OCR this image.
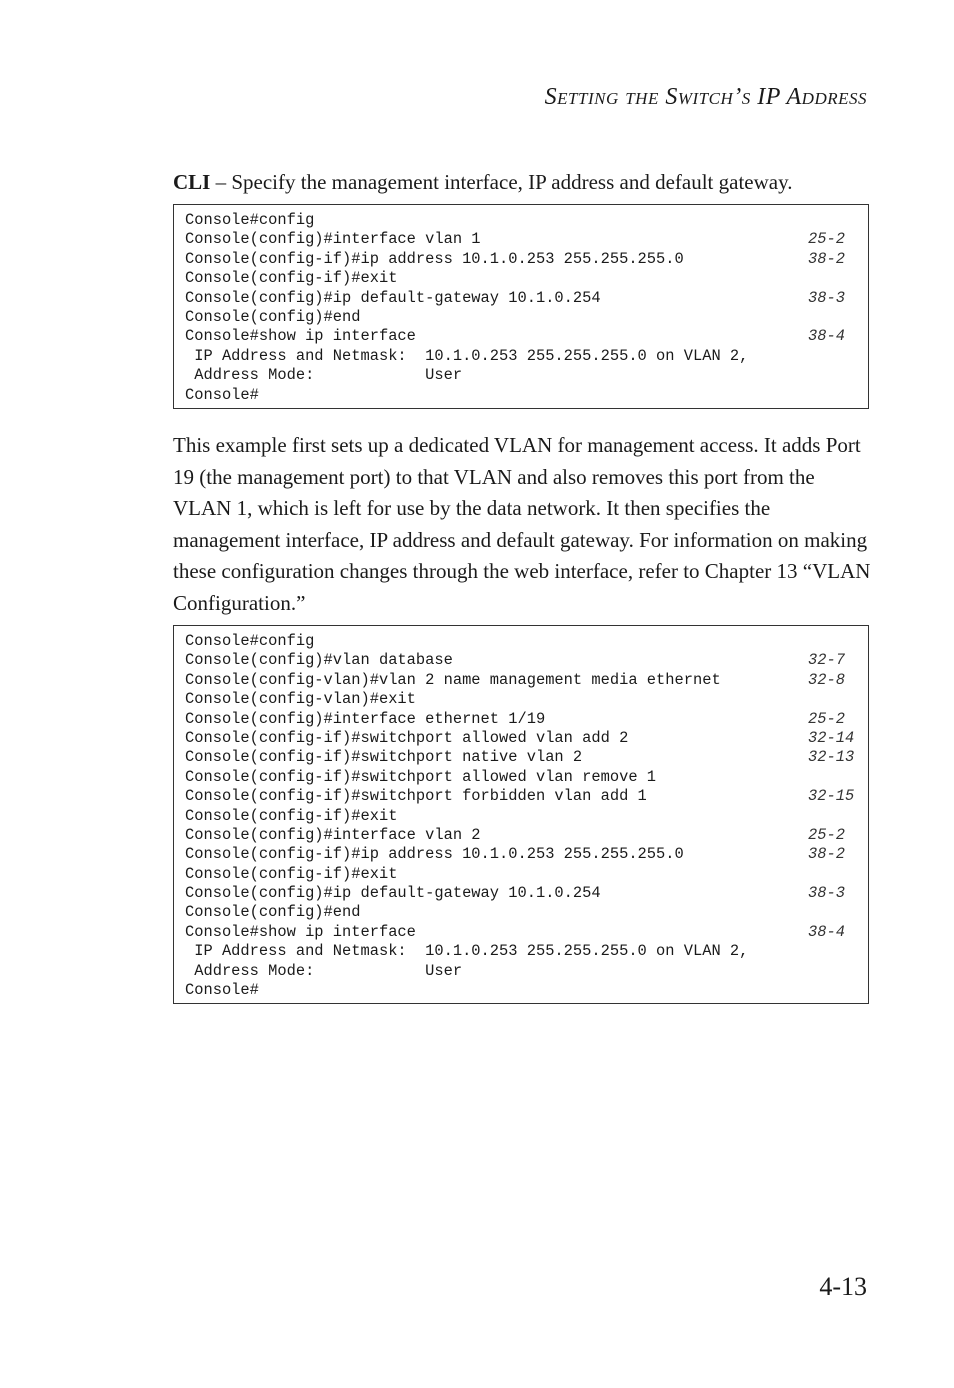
Setting the Switch’s IP Address
CLI – Specify the management interface, IP address and default gateway.
Console#config
Console(config)#interface vlan 1	25-2
Console(config-if)#ip address 10.1.0.253 255.255.255.0	38-2
Console(config-if)#exit
Console(config)#ip default-gateway 10.1.0.254	38-3
Console(config)#end
Console#show ip interface	38-4
IP Address and Netmask:  10.1.0.253 255.255.255.0 on VLAN 2,
Address Mode:            User
Console#
This example first sets up a dedicated VLAN for management access. It adds Port 19 (the management port) to that VLAN and also removes this port from the VLAN 1, which is left for use by the data network. It then specifies the management interface, IP address and default gateway. For information on making these configuration changes through the web interface, refer to Chapter 13 “VLAN Configuration.”
Console#config
Console(config)#vlan database	32-7
Console(config-vlan)#vlan 2 name management media ethernet	32-8
Console(config-vlan)#exit
Console(config)#interface ethernet 1/19	25-2
Console(config-if)#switchport allowed vlan add 2	32-14
Console(config-if)#switchport native vlan 2	32-13
Console(config-if)#switchport allowed vlan remove 1
Console(config-if)#switchport forbidden vlan add 1	32-15
Console(config-if)#exit
Console(config)#interface vlan 2	25-2
Console(config-if)#ip address 10.1.0.253 255.255.255.0	38-2
Console(config-if)#exit
Console(config)#ip default-gateway 10.1.0.254	38-3
Console(config)#end
Console#show ip interface	38-4
IP Address and Netmask:  10.1.0.253 255.255.255.0 on VLAN 2,
Address Mode:            User
Console#
4-13
